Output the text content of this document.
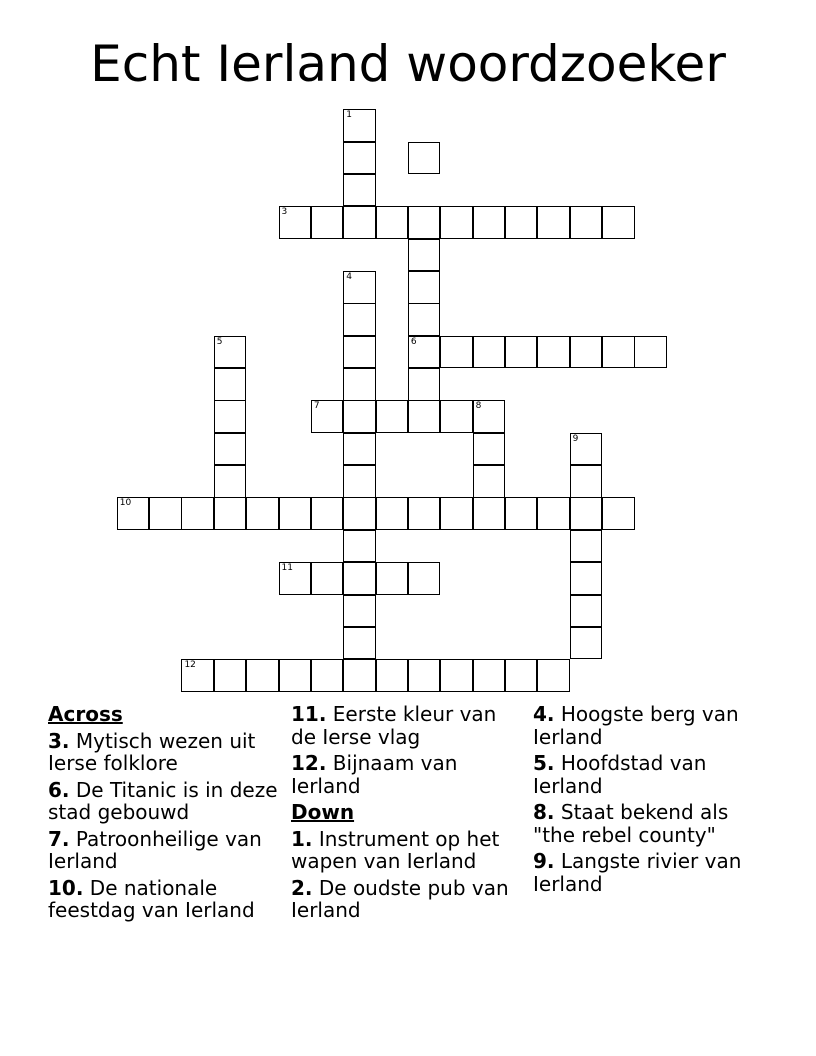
Echt Ierland woordzoeker
1
3
4
5	6
7	8
9
10
11
12
Across
3. Mytisch wezen uit Ierse folklore
6. De Titanic is in deze stad gebouwd
7. Patroonheilige van Ierland
10. De nationale feestdag van Ierland
11. Eerste kleur van de Ierse vlag
12. Bijnaam van Ierland
Down
1. Instrument op het wapen van Ierland
2. De oudste pub van Ierland
4. Hoogste berg van Ierland
5. Hoofdstad van Ierland
8. Staat bekend als "the rebel county"
9. Langste rivier van Ierland
